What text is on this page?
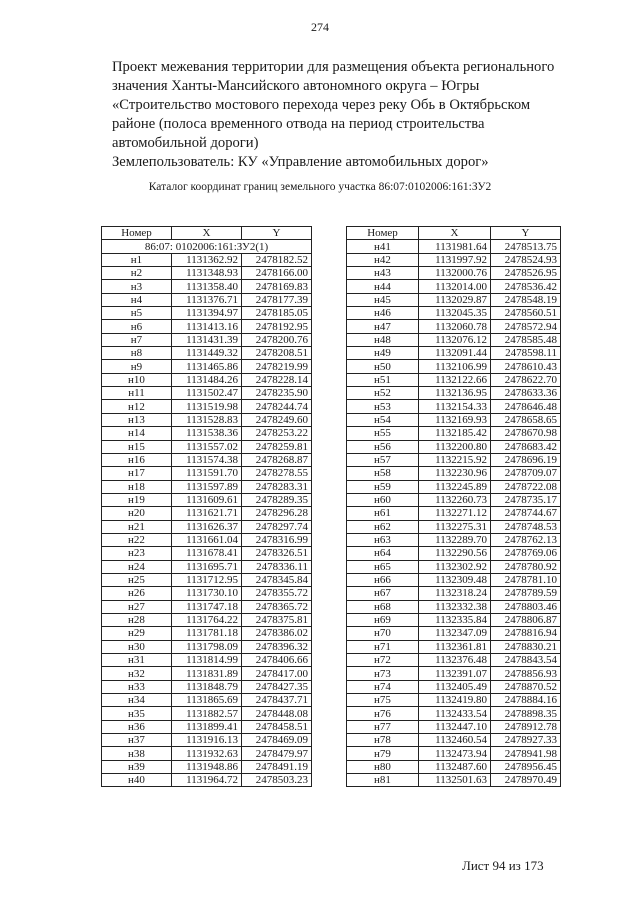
274
Проект межевания территории для размещения объекта регионального
значения Ханты-Мансийского автономного округа – Югры
«Строительство мостового перехода через реку Обь в Октябрьском
районе (полоса временного отвода на период строительства
автомобильной дороги)
Землепользователь: КУ «Управление автомобильных дорог»
Каталог координат границ земельного участка 86:07:0102006:161:ЗУ2
Номер	X	Y
86:07: 0102006:161:ЗУ2(1)		
н1	1131362.92	2478182.52
н2	1131348.93	2478166.00
н3	1131358.40	2478169.83
н4	1131376.71	2478177.39
н5	1131394.97	2478185.05
н6	1131413.16	2478192.95
н7	1131431.39	2478200.76
н8	1131449.32	2478208.51
н9	1131465.86	2478219.99
н10	1131484.26	2478228.14
н11	1131502.47	2478235.90
н12	1131519.98	2478244.74
н13	1131528.83	2478249.60
н14	1131538.36	2478253.22
н15	1131557.02	2478259.81
н16	1131574.38	2478268.87
н17	1131591.70	2478278.55
н18	1131597.89	2478283.31
н19	1131609.61	2478289.35
н20	1131621.71	2478296.28
н21	1131626.37	2478297.74
н22	1131661.04	2478316.99
н23	1131678.41	2478326.51
н24	1131695.71	2478336.11
н25	1131712.95	2478345.84
н26	1131730.10	2478355.72
н27	1131747.18	2478365.72
н28	1131764.22	2478375.81
н29	1131781.18	2478386.02
н30	1131798.09	2478396.32
н31	1131814.99	2478406.66
н32	1131831.89	2478417.00
н33	1131848.79	2478427.35
н34	1131865.69	2478437.71
н35	1131882.57	2478448.08
н36	1131899.41	2478458.51
н37	1131916.13	2478469.09
н38	1131932.63	2478479.97
н39	1131948.86	2478491.19
н40	1131964.72	2478503.23
Номер	X	Y
н41	1131981.64	2478513.75
н42	1131997.92	2478524.93
н43	1132000.76	2478526.95
н44	1132014.00	2478536.42
н45	1132029.87	2478548.19
н46	1132045.35	2478560.51
н47	1132060.78	2478572.94
н48	1132076.12	2478585.48
н49	1132091.44	2478598.11
н50	1132106.99	2478610.43
н51	1132122.66	2478622.70
н52	1132136.95	2478633.36
н53	1132154.33	2478646.48
н54	1132169.93	2478658.65
н55	1132185.42	2478670.98
н56	1132200.80	2478683.42
н57	1132215.92	2478696.19
н58	1132230.96	2478709.07
н59	1132245.89	2478722.08
н60	1132260.73	2478735.17
н61	1132271.12	2478744.67
н62	1132275.31	2478748.53
н63	1132289.70	2478762.13
н64	1132290.56	2478769.06
н65	1132302.92	2478780.92
н66	1132309.48	2478781.10
н67	1132318.24	2478789.59
н68	1132332.38	2478803.46
н69	1132335.84	2478806.87
н70	1132347.09	2478816.94
н71	1132361.81	2478830.21
н72	1132376.48	2478843.54
н73	1132391.07	2478856.93
н74	1132405.49	2478870.52
н75	1132419.80	2478884.16
н76	1132433.54	2478898.35
н77	1132447.10	2478912.78
н78	1132460.54	2478927.33
н79	1132473.94	2478941.98
н80	1132487.60	2478956.45
н81	1132501.63	2478970.49
Лист 94 из 173
